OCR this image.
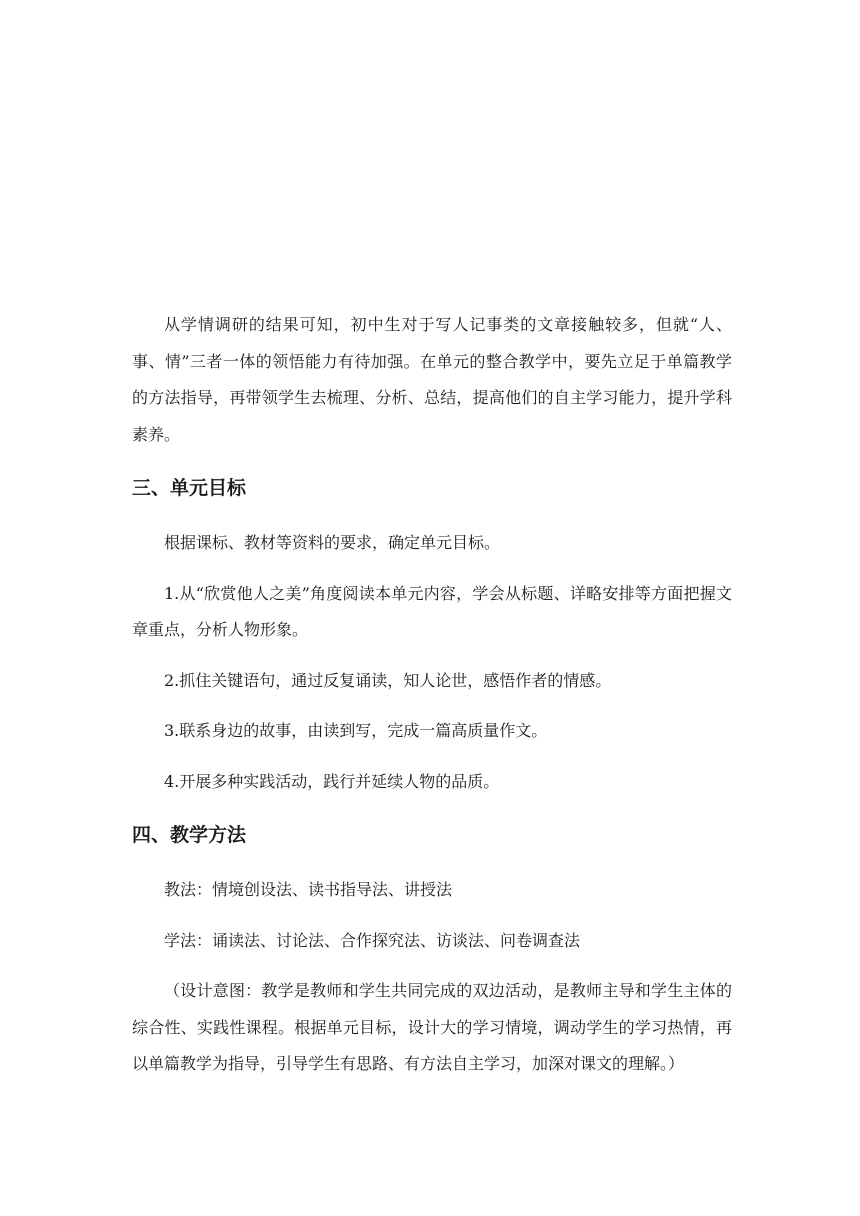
从学情调研的结果可知，初中生对于写人记事类的文章接触较多，但就“人、事、情”三者一体的领悟能力有待加强。在单元的整合教学中，要先立足于单篇教学的方法指导，再带领学生去梳理、分析、总结，提高他们的自主学习能力，提升学科素养。

三、单元目标

根据课标、教材等资料的要求，确定单元目标。

1.从“欣赏他人之美”角度阅读本单元内容，学会从标题、详略安排等方面把握文章重点，分析人物形象。

2.抓住关键语句，通过反复诵读，知人论世，感悟作者的情感。

3.联系身边的故事，由读到写，完成一篇高质量作文。

4.开展多种实践活动，践行并延续人物的品质。

四、教学方法

教法：情境创设法、读书指导法、讲授法

学法：诵读法、讨论法、合作探究法、访谈法、问卷调查法

（设计意图：教学是教师和学生共同完成的双边活动，是教师主导和学生主体的综合性、实践性课程。根据单元目标，设计大的学习情境，调动学生的学习热情，再以单篇教学为指导，引导学生有思路、有方法自主学习，加深对课文的理解。）
